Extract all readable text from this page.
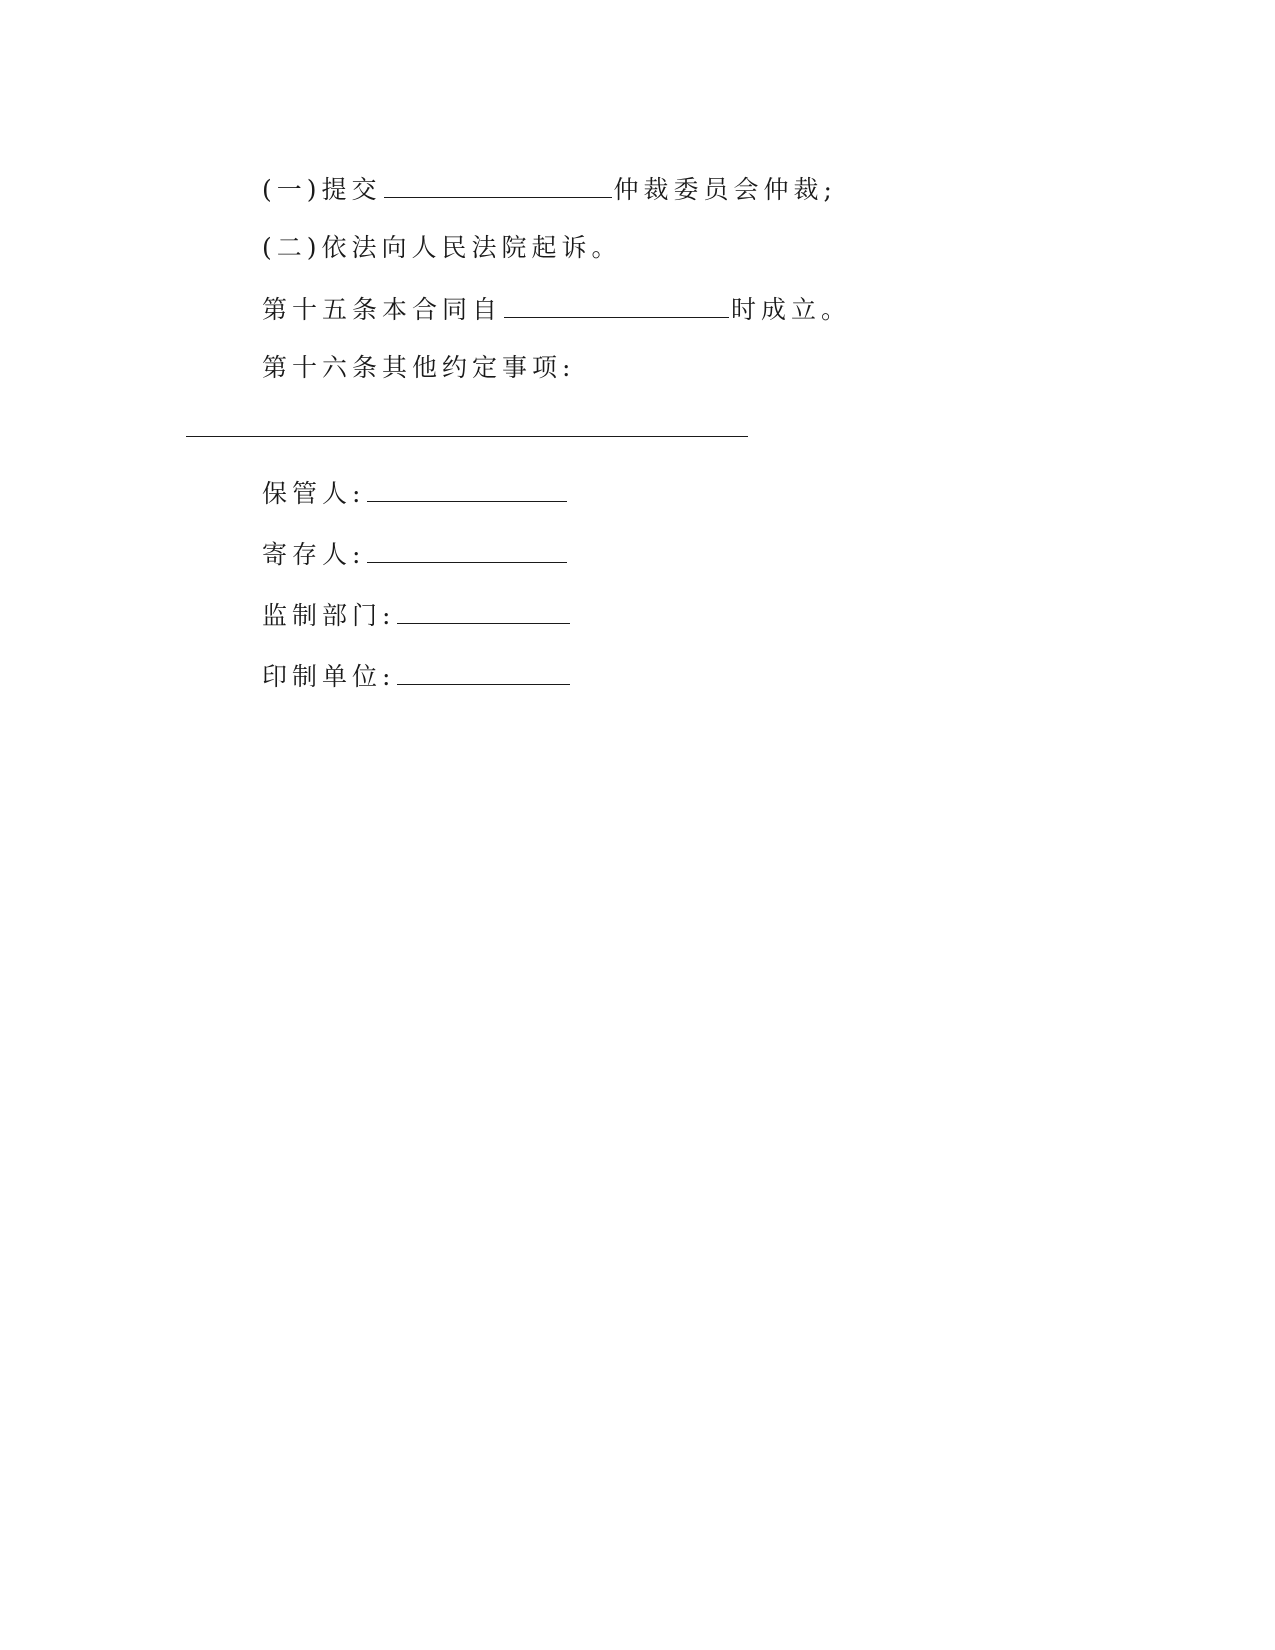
(一)提交	仲裁委员会仲裁;
(二)依法向人民法院起诉。
第十五条本合同自	时成立。
第十六条其他约定事项:
保管人:
寄存人:
监制部门:
印制单位:
